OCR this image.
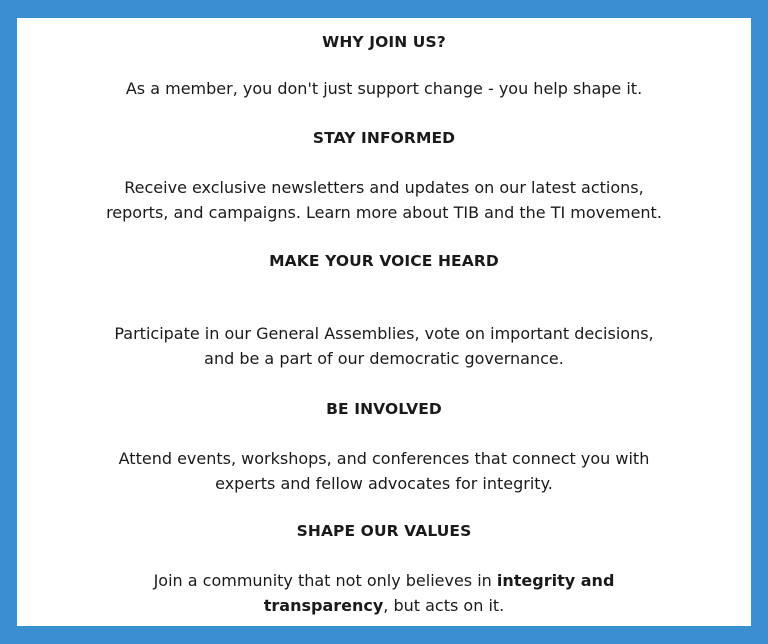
WHY JOIN US?
As a member, you don't just support change - you help shape it.
STAY INFORMED
Receive exclusive newsletters and updates on our latest actions,
reports, and campaigns. Learn more about TIB and the TI movement.
MAKE YOUR VOICE HEARD
Participate in our General Assemblies, vote on important decisions,
and be a part of our democratic governance.
BE INVOLVED
Attend events, workshops, and conferences that connect you with
experts and fellow advocates for integrity.
SHAPE OUR VALUES
Join a community that not only believes in integrity and
transparency, but acts on it.
